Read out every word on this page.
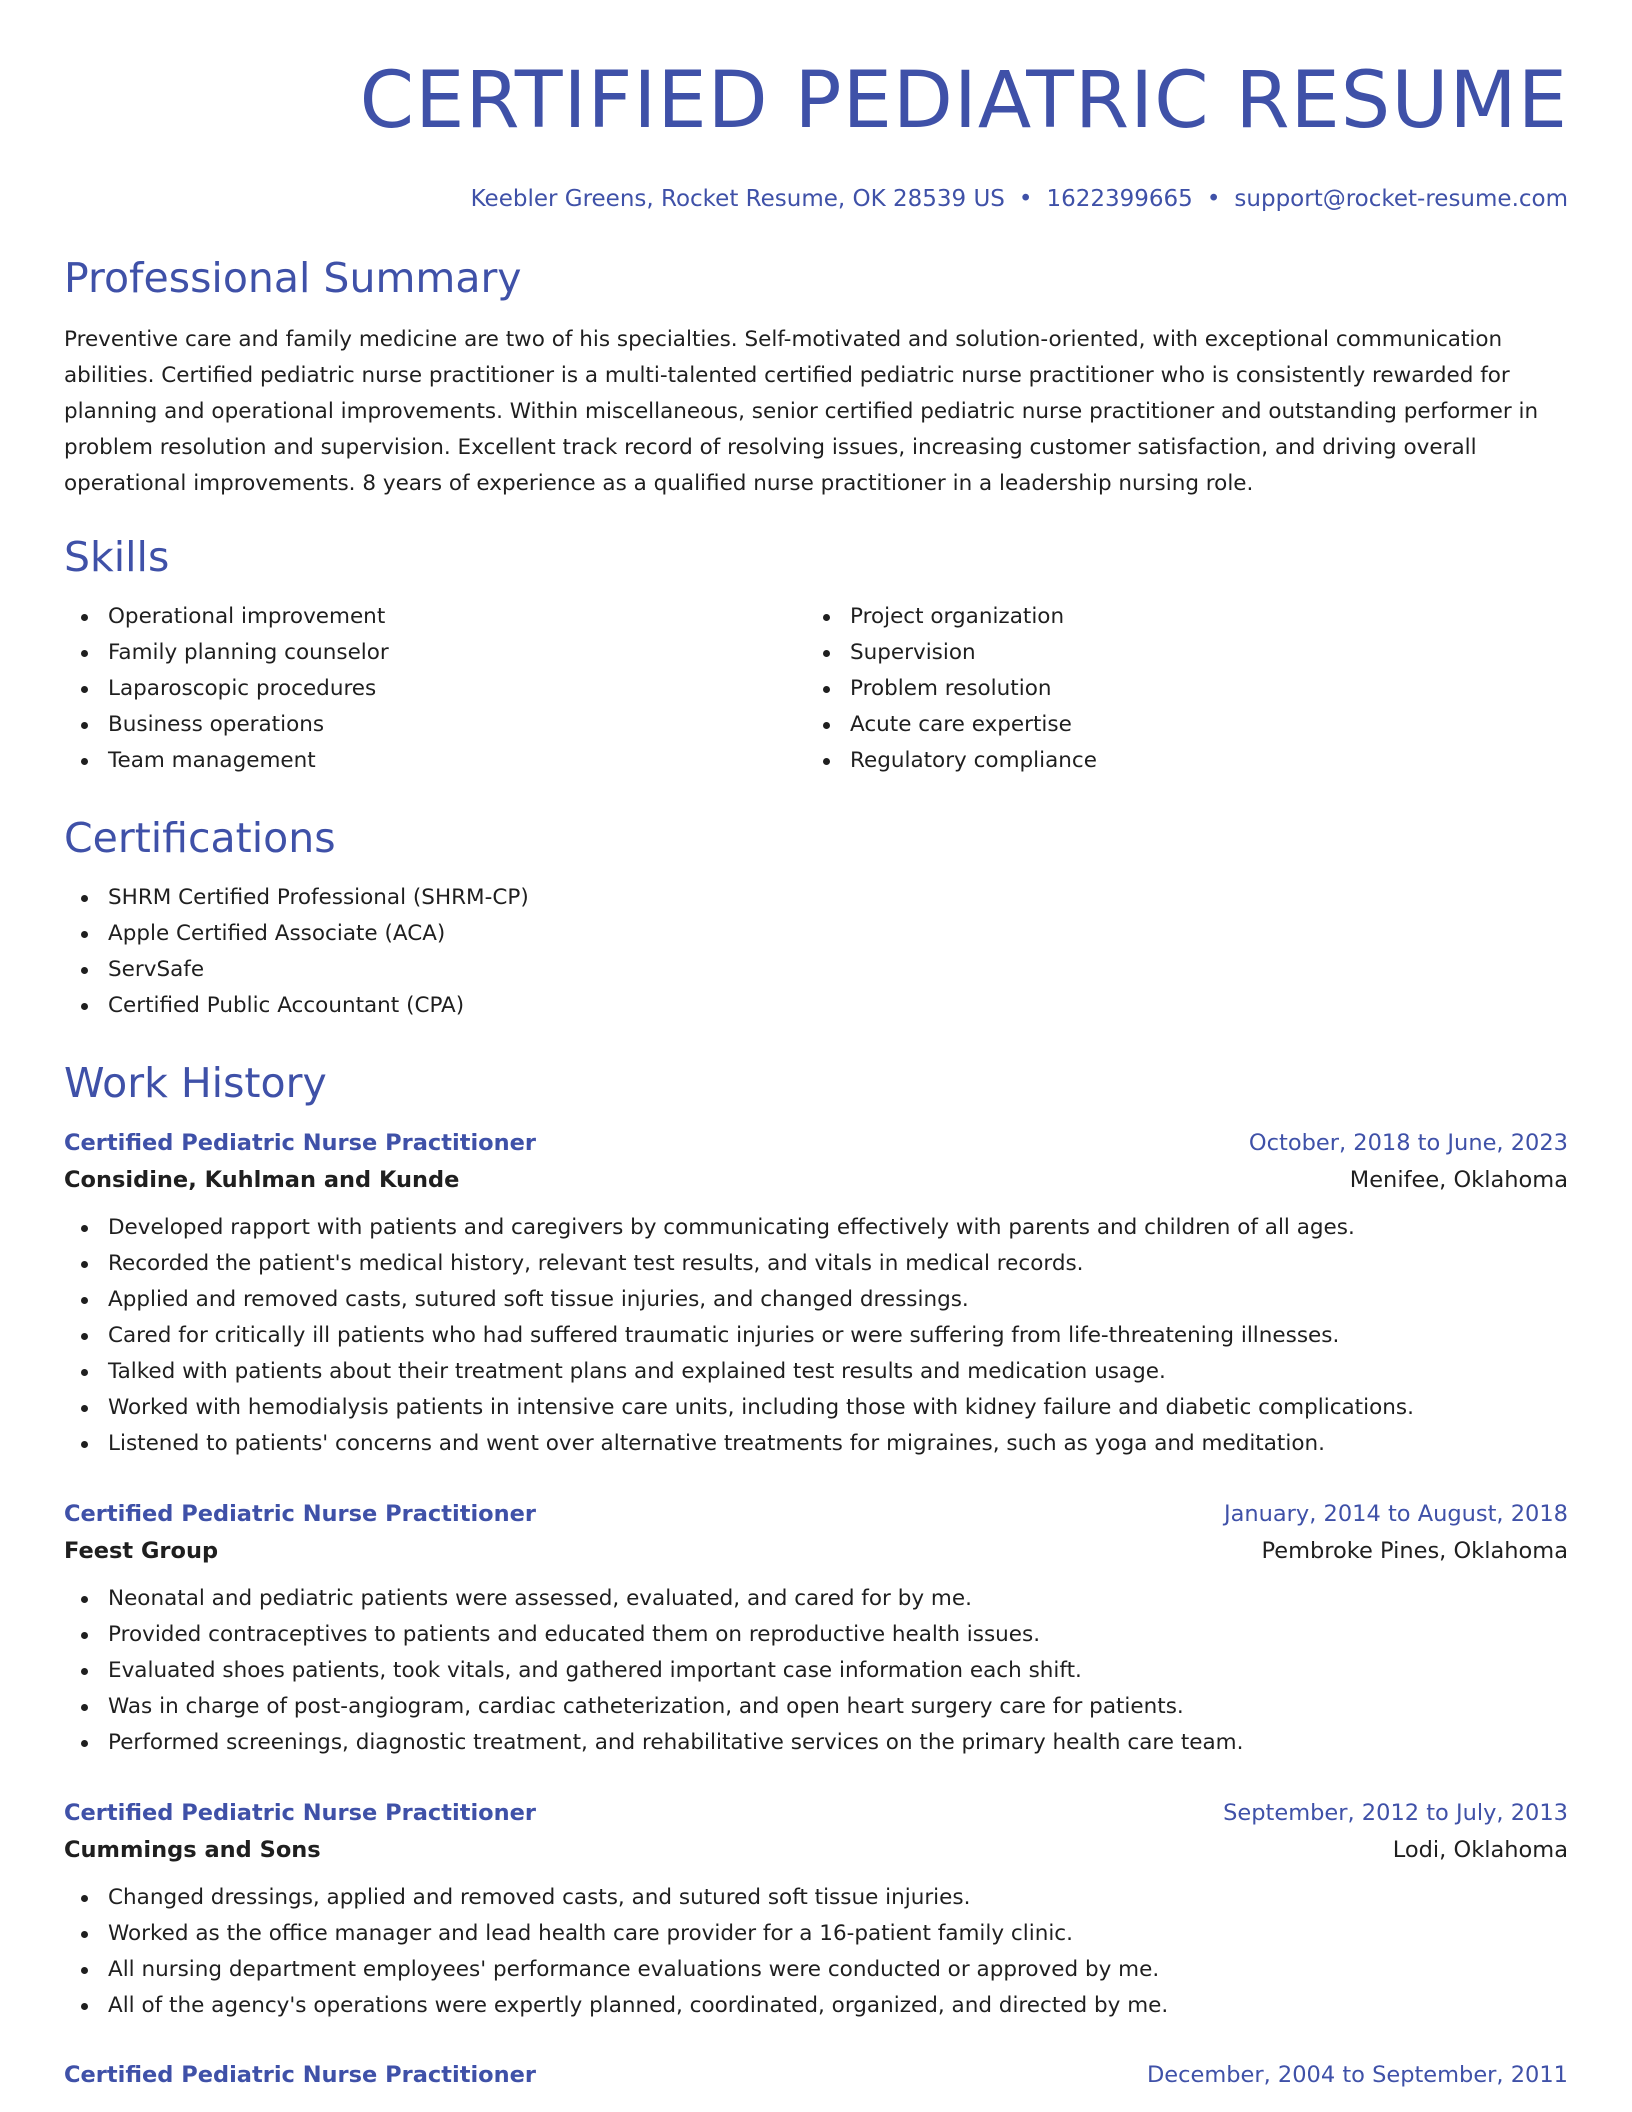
CERTIFIED PEDIATRIC RESUME
Keebler Greens, Rocket Resume, OK 28539 US • 1622399665 • support@rocket-resume.com
Professional Summary

Preventive care and family medicine are two of his specialties. Self-motivated and solution-oriented, with exceptional communication abilities. Certified pediatric nurse practitioner is a multi-talented certified pediatric nurse practitioner who is consistently rewarded for planning and operational improvements. Within miscellaneous, senior certified pediatric nurse practitioner and outstanding performer in problem resolution and supervision. Excellent track record of resolving issues, increasing customer satisfaction, and driving overall operational improvements. 8 years of experience as a qualified nurse practitioner in a leadership nursing role.

Skills
Operational improvement
Family planning counselor
Laparoscopic procedures
Business operations
Team management
Project organization
Supervision
Problem resolution
Acute care expertise
Regulatory compliance
Certifications
SHRM Certified Professional (SHRM-CP)
Apple Certified Associate (ACA)
ServSafe
Certified Public Accountant (CPA)
Work History
Certified Pediatric Nurse Practitioner	October, 2018 to June, 2023
Considine, Kuhlman and Kunde	Menifee, Oklahoma
Developed rapport with patients and caregivers by communicating effectively with parents and children of all ages.
Recorded the patient's medical history, relevant test results, and vitals in medical records.
Applied and removed casts, sutured soft tissue injuries, and changed dressings.
Cared for critically ill patients who had suffered traumatic injuries or were suffering from life-threatening illnesses.
Talked with patients about their treatment plans and explained test results and medication usage.
Worked with hemodialysis patients in intensive care units, including those with kidney failure and diabetic complications.
Listened to patients' concerns and went over alternative treatments for migraines, such as yoga and meditation.
Certified Pediatric Nurse Practitioner	January, 2014 to August, 2018
Feest Group	Pembroke Pines, Oklahoma
Neonatal and pediatric patients were assessed, evaluated, and cared for by me.
Provided contraceptives to patients and educated them on reproductive health issues.
Evaluated shoes patients, took vitals, and gathered important case information each shift.
Was in charge of post-angiogram, cardiac catheterization, and open heart surgery care for patients.
Performed screenings, diagnostic treatment, and rehabilitative services on the primary health care team.
Certified Pediatric Nurse Practitioner	September, 2012 to July, 2013
Cummings and Sons	Lodi, Oklahoma
Changed dressings, applied and removed casts, and sutured soft tissue injuries.
Worked as the office manager and lead health care provider for a 16-patient family clinic.
All nursing department employees' performance evaluations were conducted or approved by me.
All of the agency's operations were expertly planned, coordinated, organized, and directed by me.
Certified Pediatric Nurse Practitioner	December, 2004 to September, 2011
